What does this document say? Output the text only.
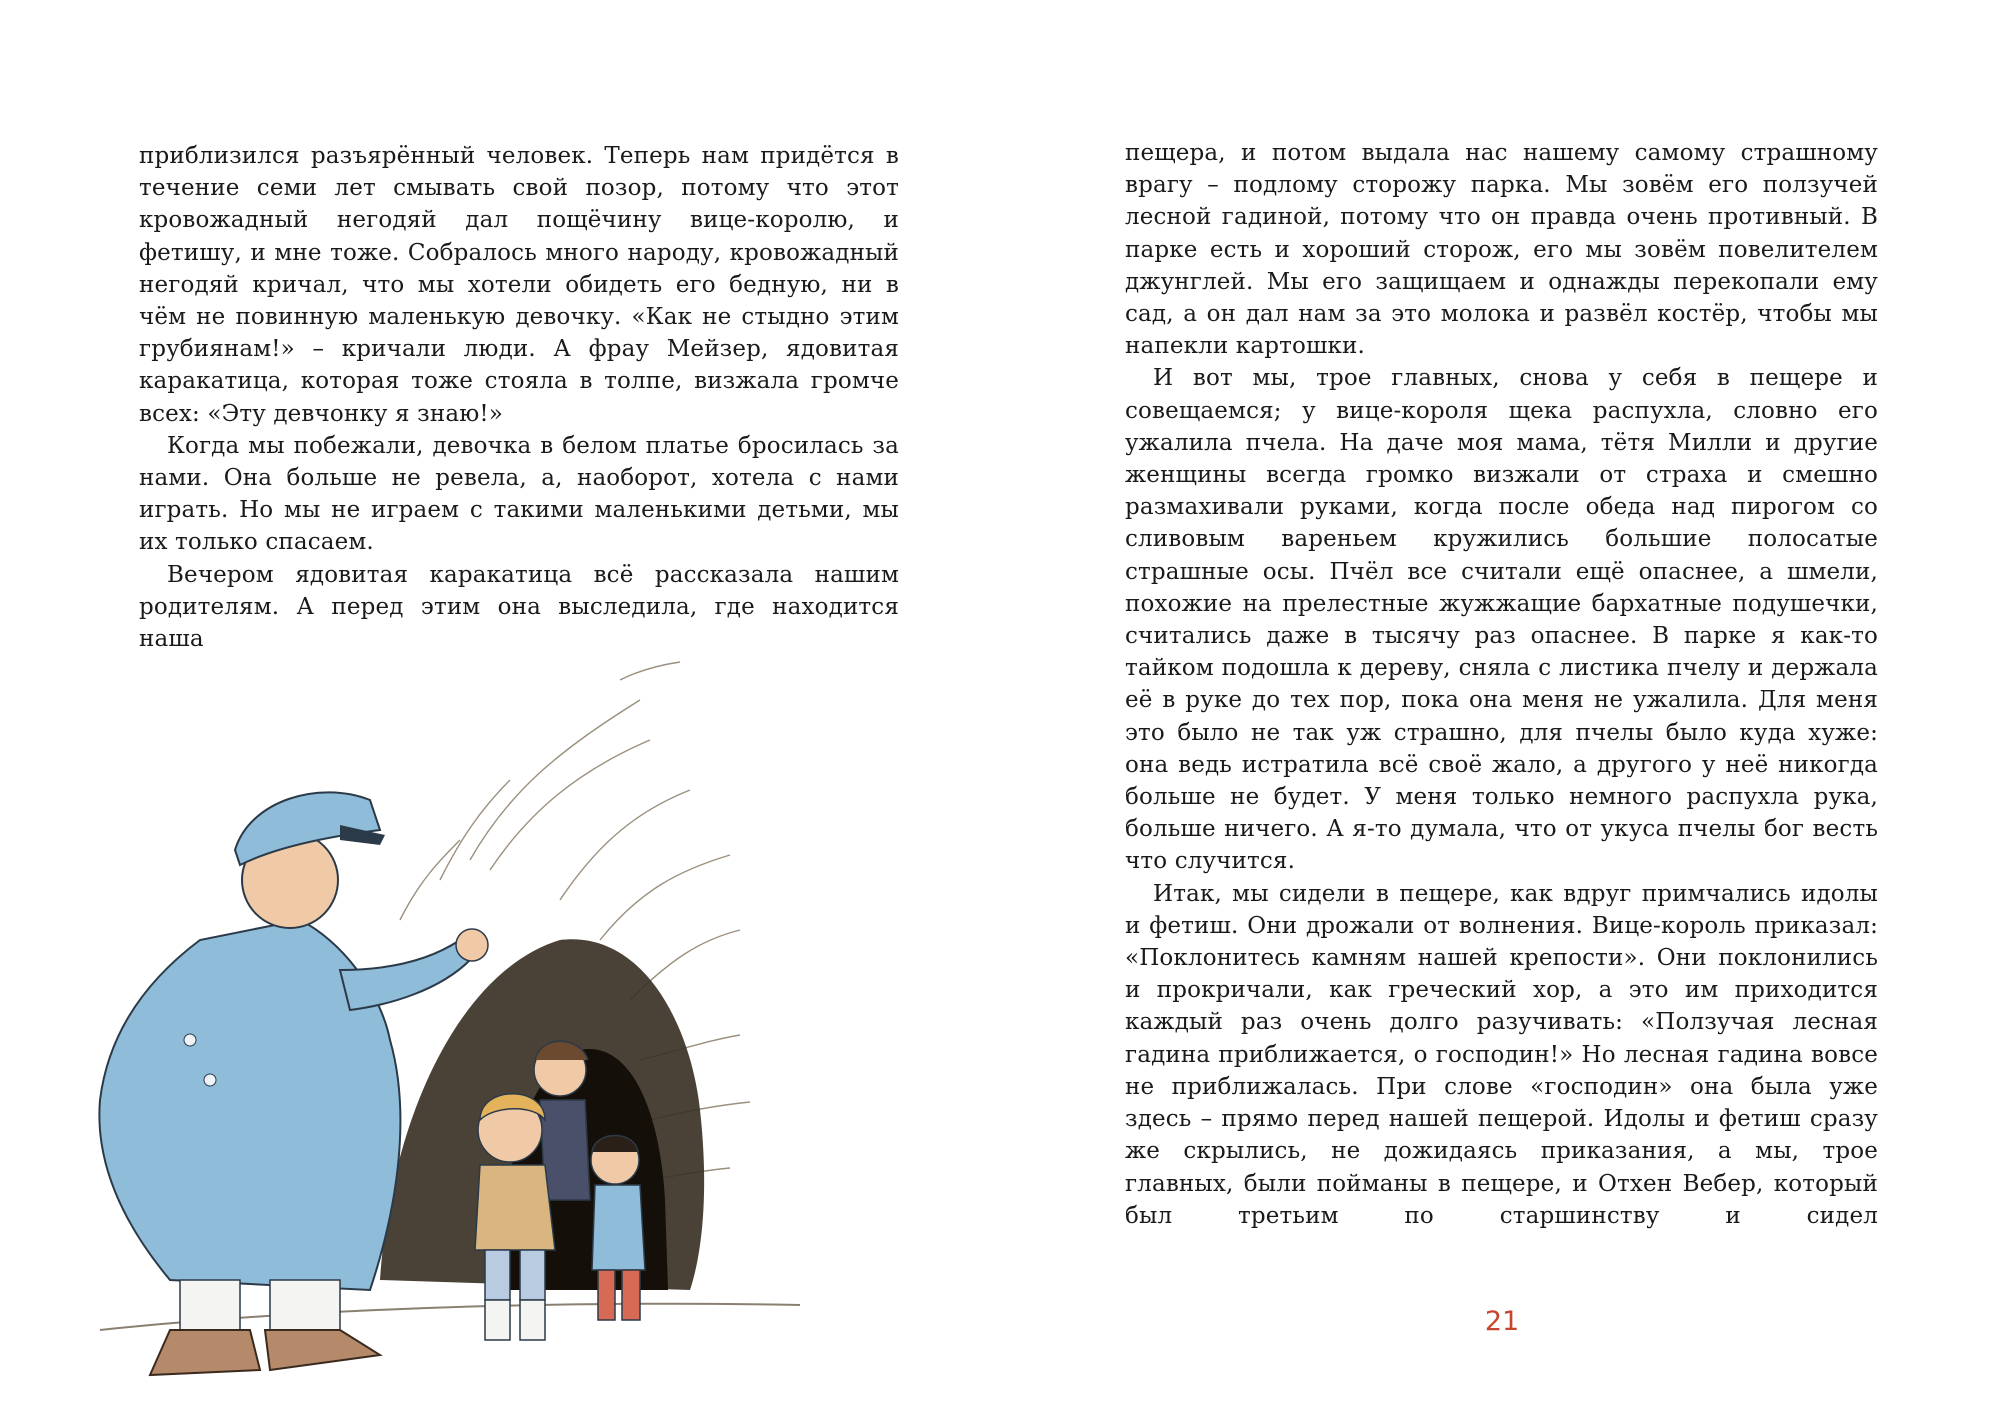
приблизился разъярённый человек. Теперь нам придётся в течение семи лет смывать свой позор, потому что этот кровожадный негодяй дал пощёчину вице-королю, и фетишу, и мне тоже. Собралось много народу, кровожадный негодяй кричал, что мы хотели обидеть его бедную, ни в чём не повинную маленькую девочку. «Как не стыдно этим грубиянам!» – кричали люди. А фрау Мейзер, ядовитая каракатица, которая тоже стояла в толпе, визжала громче всех: «Эту девчонку я знаю!»

Когда мы побежали, девочка в белом платье бросилась за нами. Она больше не ревела, а, наоборот, хотела с нами играть. Но мы не играем с такими маленькими детьми, мы их только спасаем.

Вечером ядовитая каракатица всё рассказала нашим родителям. А перед этим она выследила, где находится наша

пещера, и потом выдала нас нашему самому страшному врагу – подлому сторожу парка. Мы зовём его ползучей лесной гадиной, потому что он правда очень противный. В парке есть и хороший сторож, его мы зовём повелителем джунглей. Мы его защищаем и однажды перекопали ему сад, а он дал нам за это молока и развёл костёр, чтобы мы напекли картошки.

И вот мы, трое главных, снова у себя в пещере и совещаемся; у вице-короля щека распухла, словно его ужалила пчела. На даче моя мама, тётя Милли и другие женщины всегда громко визжали от страха и смешно размахивали руками, когда после обеда над пирогом со сливовым вареньем кружились большие полосатые страшные осы. Пчёл все считали ещё опаснее, а шмели, похожие на прелестные жужжащие бархатные подушечки, считались даже в тысячу раз опаснее. В парке я как-то тайком подошла к дереву, сняла с листика пчелу и держала её в руке до тех пор, пока она меня не ужалила. Для меня это было не так уж страшно, для пчелы было куда хуже: она ведь истратила всё своё жало, а другого у неё никогда больше не будет. У меня только немного распухла рука, больше ничего. А я-то думала, что от укуса пчелы бог весть что случится.

Итак, мы сидели в пещере, как вдруг примчались идолы и фетиш. Они дрожали от волнения. Вице-король приказал: «Поклонитесь камням нашей крепости». Они поклонились и прокричали, как греческий хор, а это им приходится каждый раз очень долго разучивать: «Ползучая лесная гадина приближается, о господин!» Но лесная гадина вовсе не приближалась. При слове «господин» она была уже здесь – прямо перед нашей пещерой. Идолы и фетиш сразу же скрылись, не дожидаясь приказания, а мы, трое главных, были пойманы в пещере, и Отхен Вебер, который был третьим по старшинству и сидел

21
